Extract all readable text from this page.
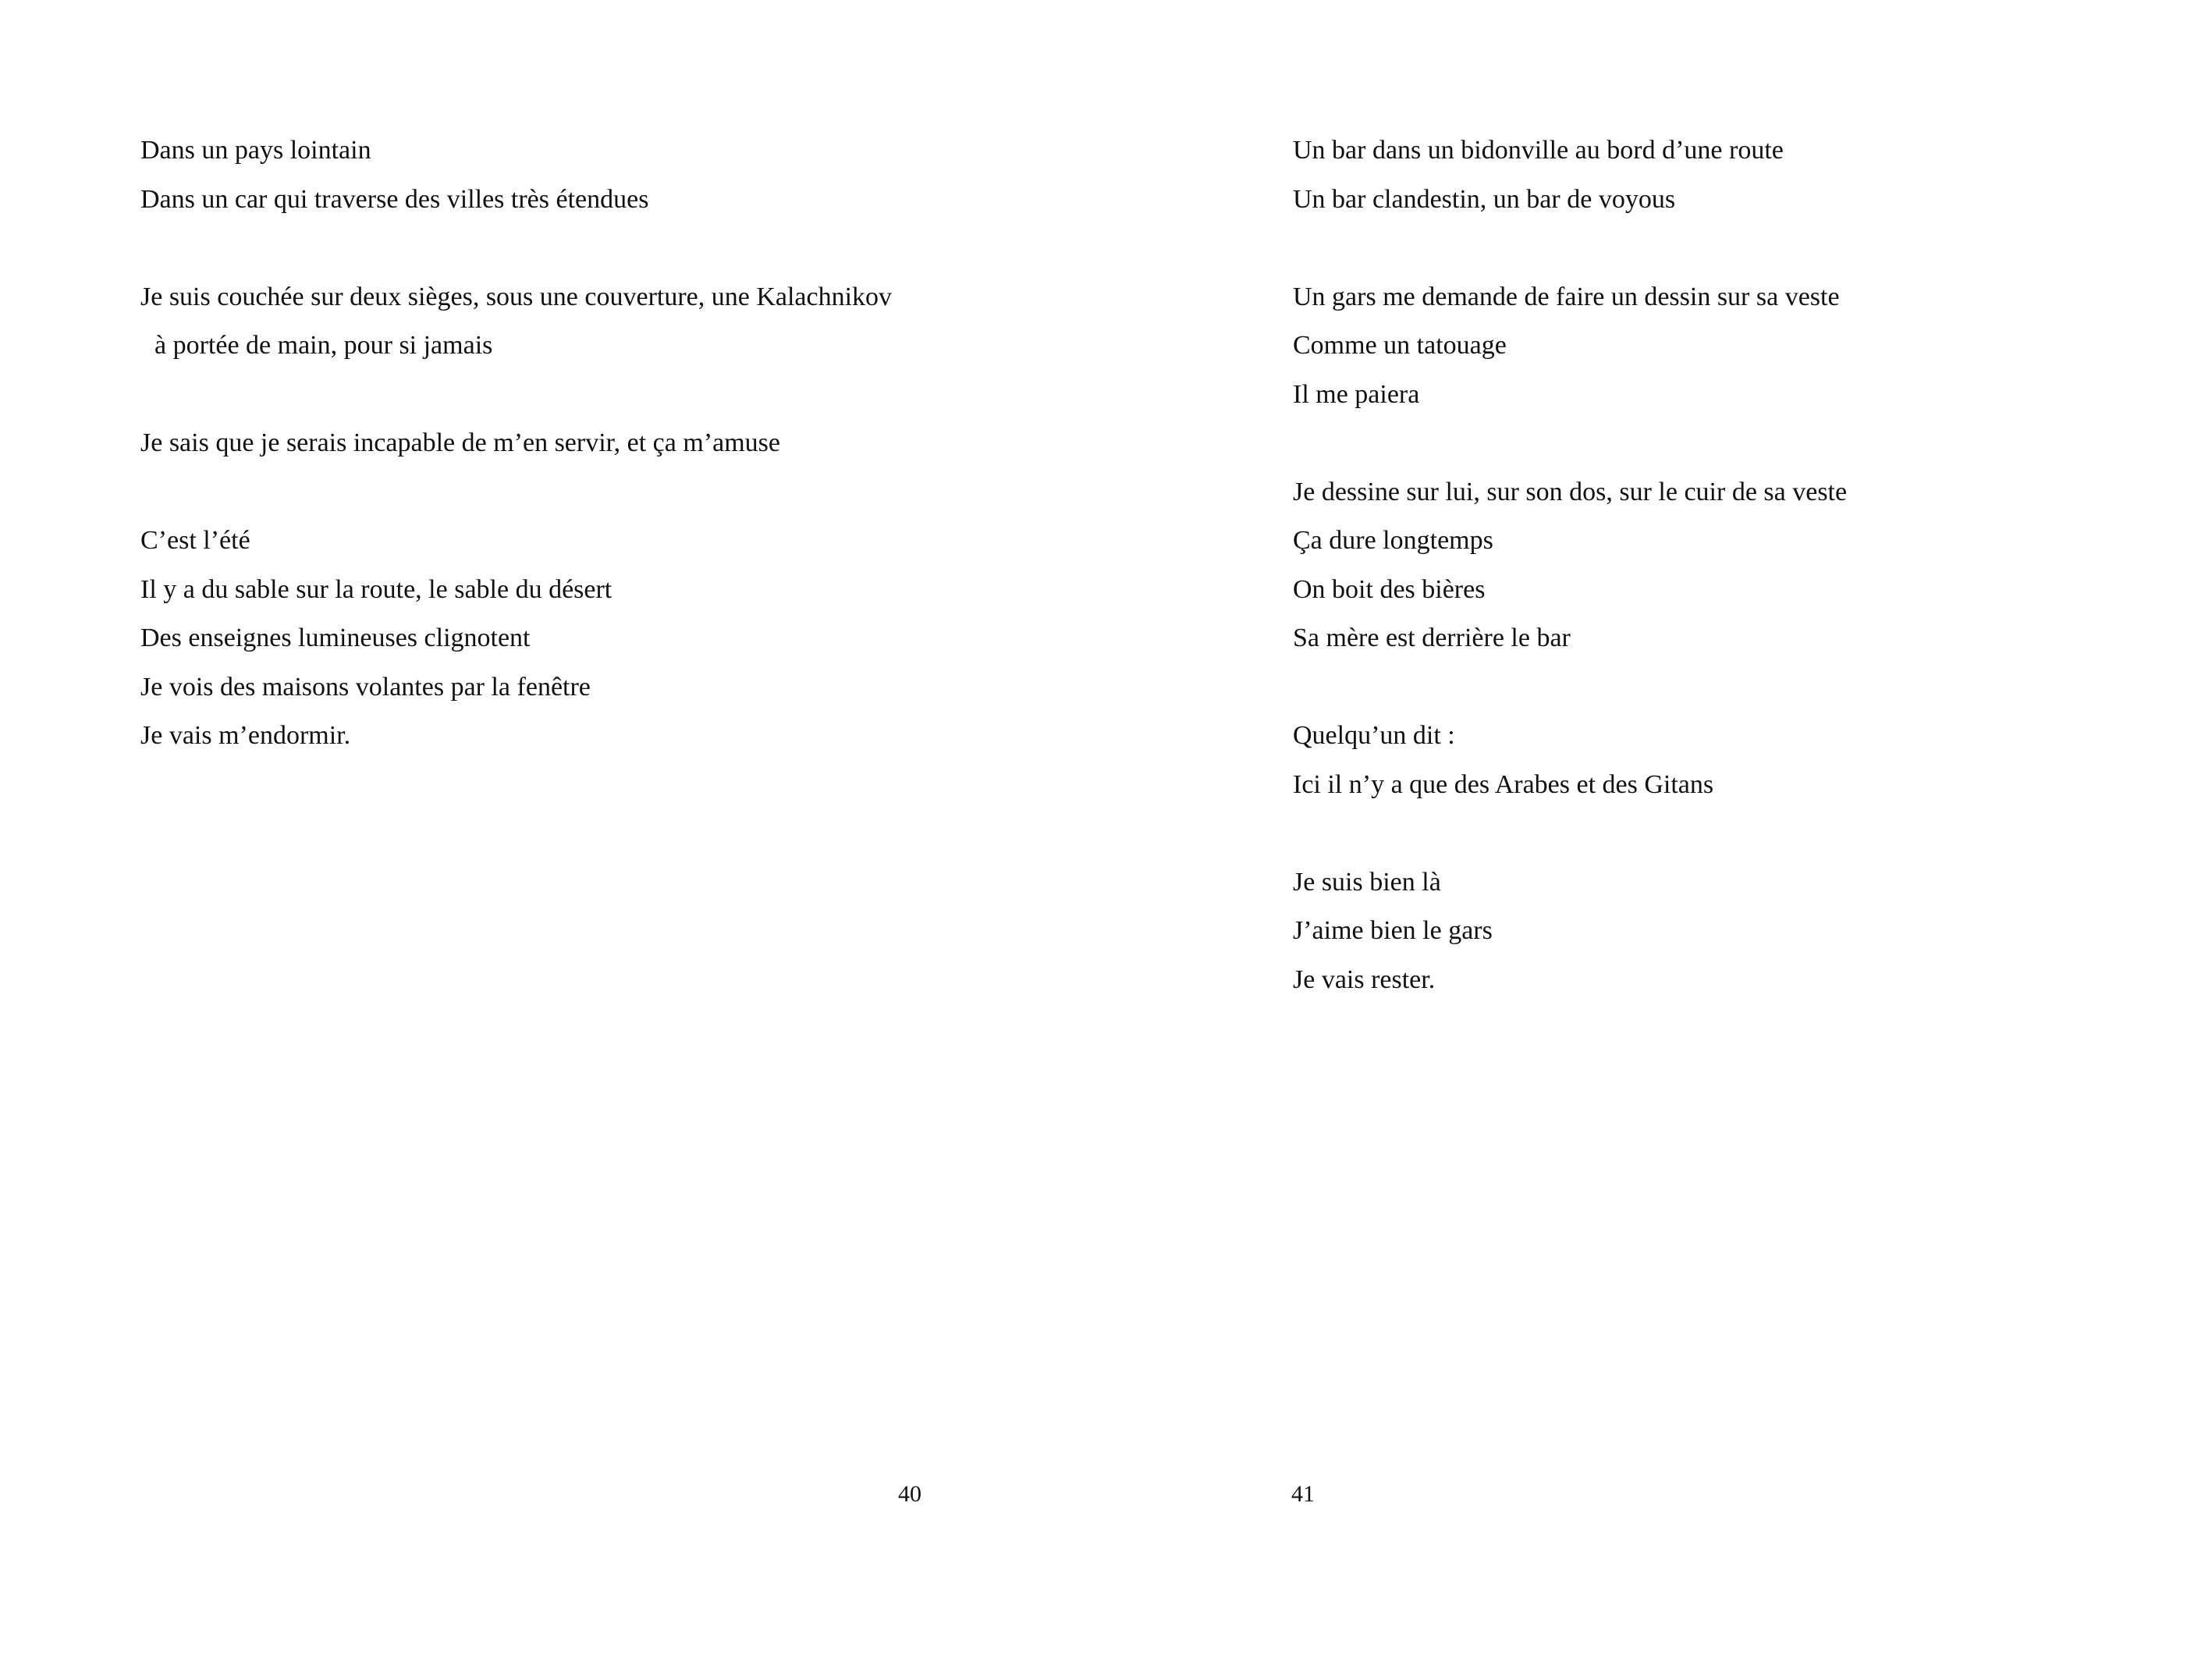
Dans un pays lointain
Dans un car qui traverse des villes très étendues
Je suis couchée sur deux sièges, sous une couverture, une Kalachnikov
à portée de main, pour si jamais
Je sais que je serais incapable de m’en servir, et ça m’amuse
C’est l’été
Il y a du sable sur la route, le sable du désert
Des enseignes lumineuses clignotent
Je vois des maisons volantes par la fenêtre
Je vais m’endormir.
40
Un bar dans un bidonville au bord d’une route
Un bar clandestin, un bar de voyous
Un gars me demande de faire un dessin sur sa veste
Comme un tatouage
Il me paiera
Je dessine sur lui, sur son dos, sur le cuir de sa veste
Ça dure longtemps
On boit des bières
Sa mère est derrière le bar
Quelqu’un dit :
Ici il n’y a que des Arabes et des Gitans
Je suis bien là
J’aime bien le gars
Je vais rester.
41
